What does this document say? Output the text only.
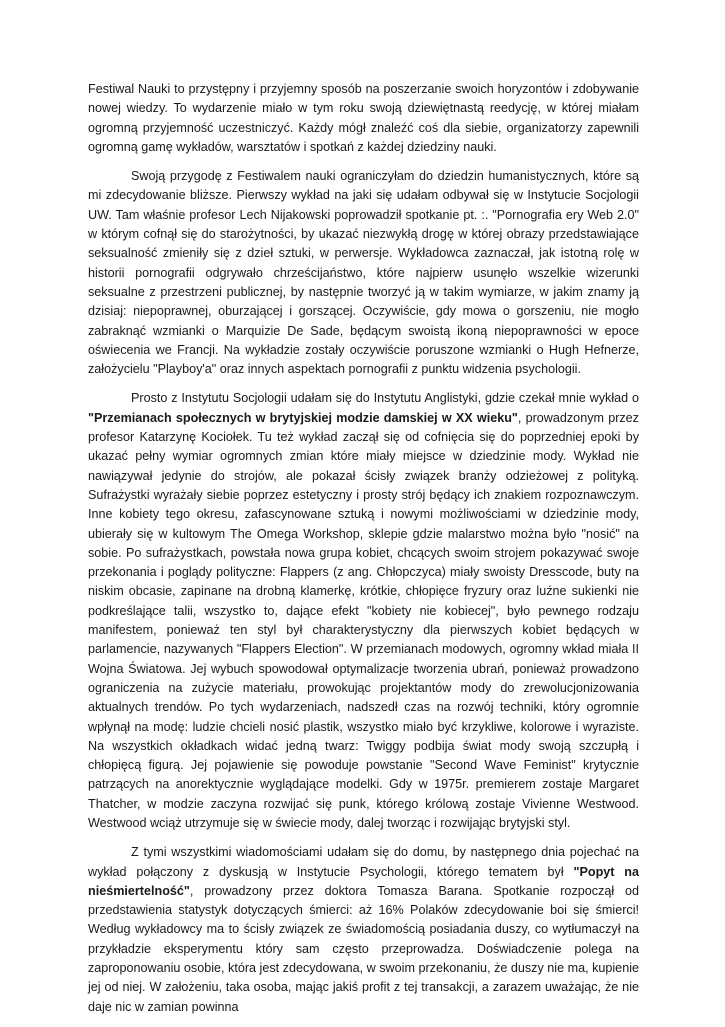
Festiwal Nauki to przystępny i przyjemny sposób na poszerzanie swoich horyzontów i zdobywanie nowej wiedzy. To wydarzenie miało w tym roku swoją dziewiętnastą reedycję, w której miałam ogromną przyjemność uczestniczyć. Każdy mógł znaleźć coś dla siebie, organizatorzy zapewnili ogromną gamę wykładów, warsztatów i spotkań z każdej dziedziny nauki.

Swoją przygodę z Festiwalem nauki ograniczyłam do dziedzin humanistycznych, które są mi zdecydowanie bliższe. Pierwszy wykład na jaki się udałam odbywał się w Instytucie Socjologii UW. Tam właśnie profesor Lech Nijakowski poprowadził spotkanie pt. :. "Pornografia ery Web 2.0" w którym cofnął się do starożytności, by ukazać niezwykłą drogę w której obrazy przedstawiające seksualność zmieniły się z dzieł sztuki, w perwersje. Wykładowca zaznaczał, jak istotną rolę w historii pornografii odgrywało chrześcijaństwo, które najpierw usunęło wszelkie wizerunki seksualne z przestrzeni publicznej, by następnie tworzyć ją w takim wymiarze, w jakim znamy ją dzisiaj: niepoprawnej, oburzającej i gorszącej. Oczywiście, gdy mowa o gorszeniu, nie mogło zabraknąć wzmianki o Marquizie De Sade, będącym swoistą ikoną niepoprawności w epoce oświecenia we Francji. Na wykładzie zostały oczywiście poruszone wzmianki o Hugh Hefnerze, założycielu "Playboy'a" oraz innych aspektach pornografii z punktu widzenia psychologii.

Prosto z Instytutu Socjologii udałam się do Instytutu Anglistyki, gdzie czekał mnie wykład o "Przemianach społecznych w brytyjskiej modzie damskiej w XX wieku", prowadzonym przez profesor Katarzynę Kociołek. Tu też wykład zaczął się od cofnięcia się do poprzedniej epoki by ukazać pełny wymiar ogromnych zmian które miały miejsce w dziedzinie mody. Wykład nie nawiązywał jedynie do strojów, ale pokazał ścisły związek branży odzieżowej z polityką. Sufrażystki wyrażały siebie poprzez estetyczny i prosty strój będący ich znakiem rozpoznawczym. Inne kobiety tego okresu, zafascynowane sztuką i nowymi możliwościami w dziedzinie mody, ubierały się w kultowym The Omega Workshop, sklepie gdzie malarstwo można było "nosić" na sobie. Po sufrażystkach, powstała nowa grupa kobiet, chcących swoim strojem pokazywać swoje przekonania i poglądy polityczne: Flappers (z ang. Chłopczyca) miały swoisty Dresscode, buty na niskim obcasie, zapinane na drobną klamerkę, krótkie, chłopięce fryzury oraz luźne sukienki nie podkreślające talii, wszystko to, dające efekt "kobiety nie kobiecej", było pewnego rodzaju manifestem, ponieważ ten styl był charakterystyczny dla pierwszych kobiet będących w parlamencie, nazywanych "Flappers Election". W przemianach modowych, ogromny wkład miała II Wojna Światowa. Jej wybuch spowodował optymalizacje tworzenia ubrań, ponieważ prowadzono ograniczenia na zużycie materiału, prowokując projektantów mody do zrewolucjonizowania aktualnych trendów. Po tych wydarzeniach, nadszedł czas na rozwój techniki, który ogromnie wpłynął na modę: ludzie chcieli nosić plastik, wszystko miało być krzykliwe, kolorowe i wyraziste. Na wszystkich okładkach widać jedną twarz: Twiggy podbija świat mody swoją szczupłą i chłopięcą figurą. Jej pojawienie się powoduje powstanie "Second Wave Feminist" krytycznie patrzących na anorektycznie wyglądające modelki. Gdy w 1975r. premierem zostaje Margaret Thatcher, w modzie zaczyna rozwijać się punk, którego królową zostaje Vivienne Westwood. Westwood wciąż utrzymuje się w świecie mody, dalej tworząc i rozwijając brytyjski styl.

Z tymi wszystkimi wiadomościami udałam się do domu, by następnego dnia pojechać na wykład połączony z dyskusją w Instytucie Psychologii, którego tematem był "Popyt na nieśmiertelność", prowadzony przez doktora Tomasza Barana. Spotkanie rozpoczął od przedstawienia statystyk dotyczących śmierci: aż 16% Polaków zdecydowanie boi się śmierci! Według wykładowcy ma to ścisły związek ze świadomością posiadania duszy, co wytłumaczył na przykładzie eksperymentu który sam często przeprowadza. Doświadczenie polega na zaproponowaniu osobie, która jest zdecydowana, w swoim przekonaniu, że duszy nie ma, kupienie jej od niej. W założeniu, taka osoba, mając jakiś profit z tej transakcji, a zarazem uważając, że nie daje nic w zamian powinna
